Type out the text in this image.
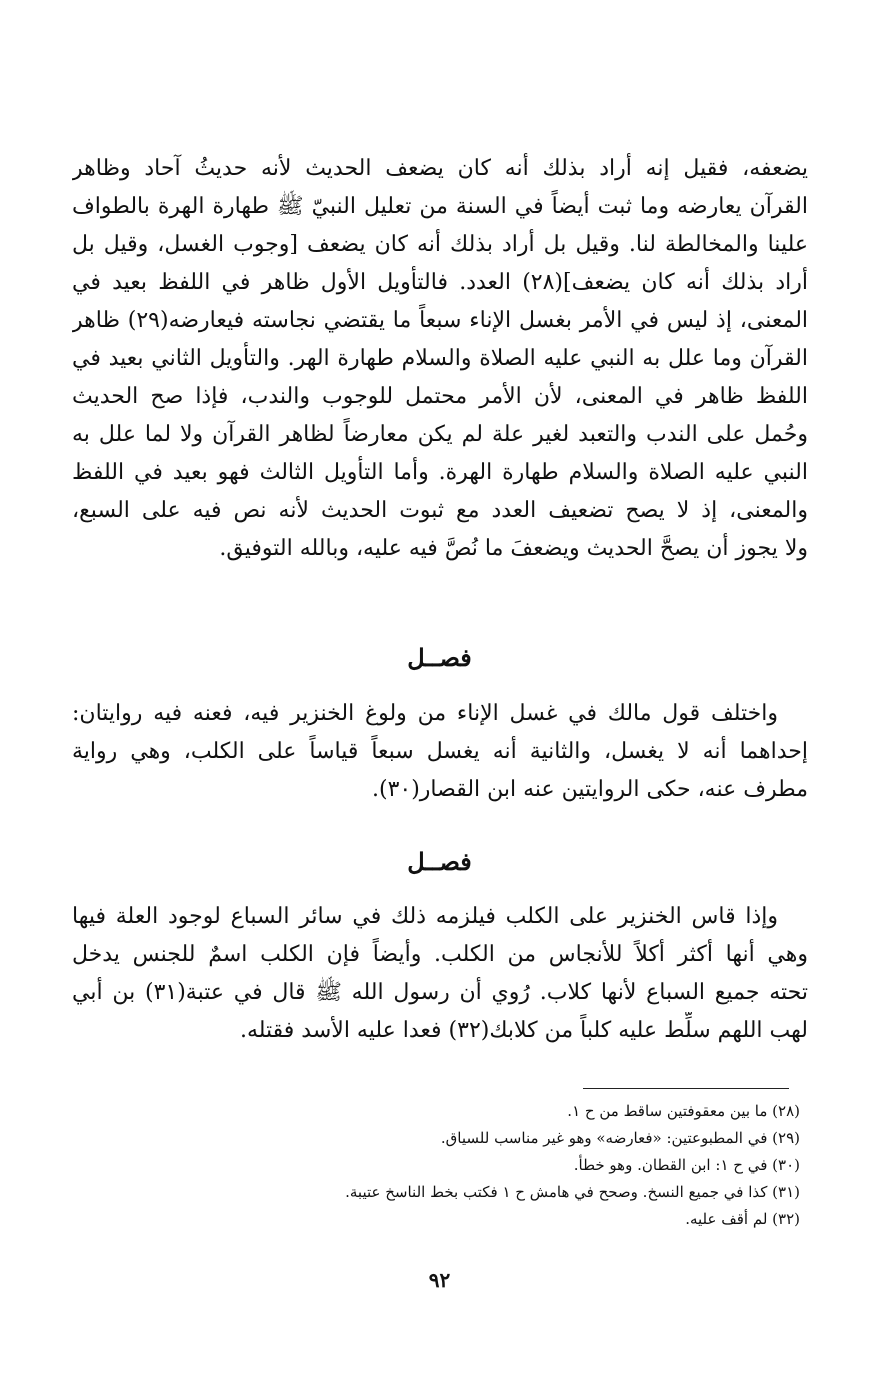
يضعفه، فقيل إنه أراد بذلك أنه كان يضعف الحديث لأنه حديثُ آحاد وظاهر
القرآن يعارضه وما ثبت أيضاً في السنة من تعليل النبيّ ﷺ طهارة الهرة بالطواف
علينا والمخالطة لنا. وقيل بل أراد بذلك أنه كان يضعف [وجوب الغسل، وقيل بل
أراد بذلك أنه كان يضعف](٢٨) العدد. فالتأويل الأول ظاهر في اللفظ بعيد في
المعنى، إذ ليس في الأمر بغسل الإناء سبعاً ما يقتضي نجاسته فيعارضه(٢٩) ظاهر
القرآن وما علل به النبي عليه الصلاة والسلام طهارة الهر. والتأويل الثاني بعيد في
اللفظ ظاهر في المعنى، لأن الأمر محتمل للوجوب والندب، فإذا صح الحديث
وحُمل على الندب والتعبد لغير علة لم يكن معارضاً لظاهر القرآن ولا لما علل به
النبي عليه الصلاة والسلام طهارة الهرة. وأما التأويل الثالث فهو بعيد في اللفظ
والمعنى، إذ لا يصح تضعيف العدد مع ثبوت الحديث لأنه نص فيه على السبع،
ولا يجوز أن يصحَّ الحديث ويضعفَ ما نُصَّ فيه عليه، وبالله التوفيق.
فصــل
واختلف قول مالك في غسل الإناء من ولوغ الخنزير فيه، فعنه فيه روايتان:
إحداهما أنه لا يغسل، والثانية أنه يغسل سبعاً قياساً على الكلب، وهي رواية
مطرف عنه، حكى الروايتين عنه ابن القصار(٣٠).
فصــل
وإذا قاس الخنزير على الكلب فيلزمه ذلك في سائر السباع لوجود العلة فيها
وهي أنها أكثر أكلاً للأنجاس من الكلب. وأيضاً فإن الكلب اسمٌ للجنس يدخل
تحته جميع السباع لأنها كلاب. رُوي أن رسول الله ﷺ قال في عتبة(٣١) بن أبي
لهب اللهم سلِّط عليه كلباً من كلابك(٣٢) فعدا عليه الأسد فقتله.
(٢٨) ما بين معقوفتين ساقط من ح ١.
(٢٩) في المطبوعتين: «فعارضه» وهو غير مناسب للسياق.
(٣٠) في ح ١: ابن القطان. وهو خطأ.
(٣١) كذا في جميع النسخ. وصحح في هامش ح ١ فكتب بخط الناسخ عتيبة.
(٣٢) لم أقف عليه.
٩٢
